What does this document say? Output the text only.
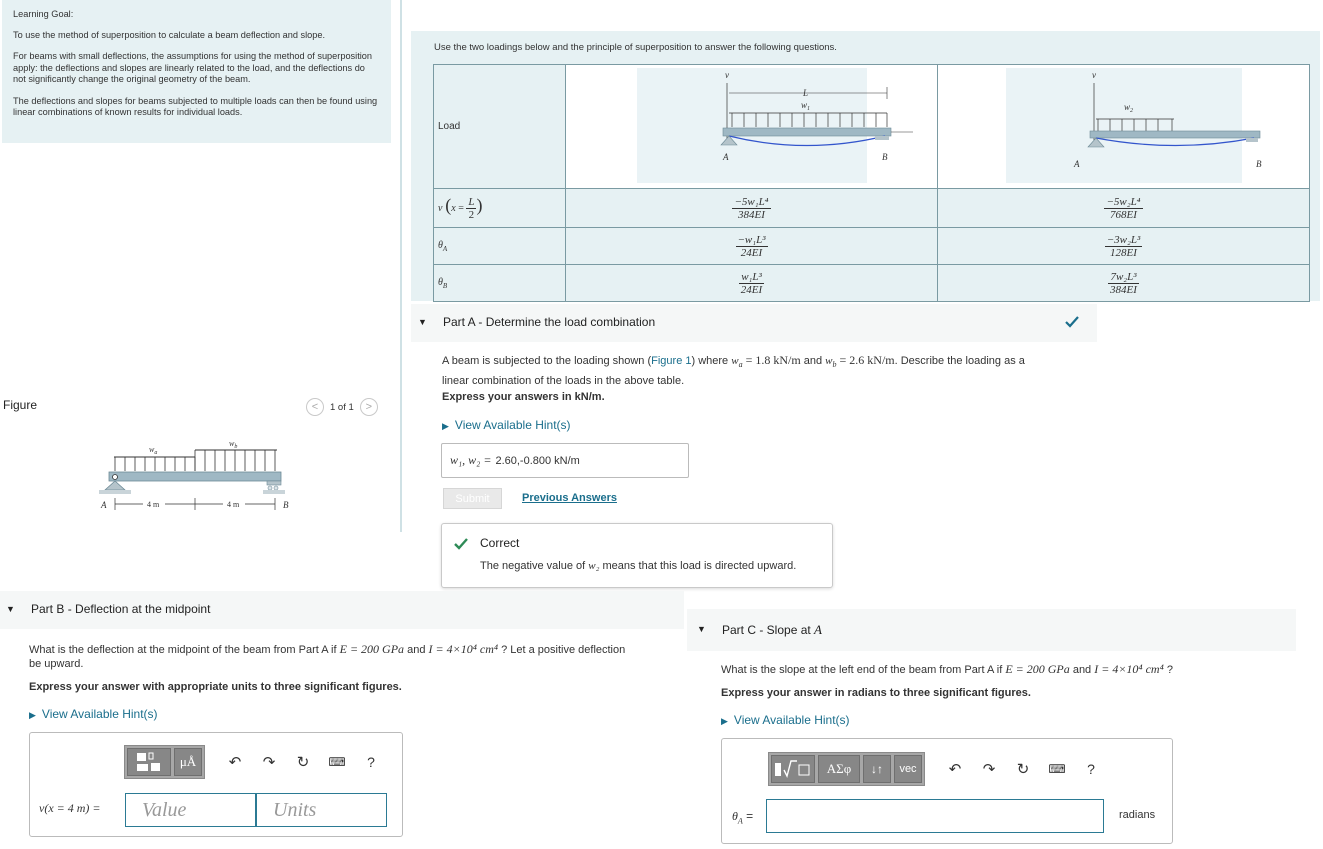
Learning Goal:

To use the method of superposition to calculate a beam deflection and slope.

For beams with small deflections, the assumptions for using the method of superposition apply: the deflections and slopes are linearly related to the load, and the deflections do not significantly change the original geometry of the beam.

The deflections and slopes for beams subjected to multiple loads can then be found using linear combinations of known results for individual loads.

Figure	<	1 of 1	>
$w_a$
$w_b$
A	B
4 m	4 m
Use the two loadings below and the principle of superposition to answer the following questions.
Load	v
L
$w_1$
A B	v
$w_2$
A B

v ($x = \frac{L}{2}$ )	$\frac{\text{−5w₁L⁴}}{384EI}$	$\frac{\text{−5w₂L⁴}}{768EI}$

$\theta_A$	$\frac{\text{−w₁L³}}{24EI}$	$\frac{\text{−3w₂L³}}{128EI}$

$\theta_B$	$\frac{\text{w₁L³}}{24EI}$	$\frac{\text{7w₂L³}}{384EI}$
▼ Part A - Determine the load combination
A beam is subjected to the loading shown (Figure 1) where $w_a = 1.8$ kN/m and $w_b = 2.6$ kN/m. Describe the loading as a
linear combination of the loads in the above table.
Express your answers in kN/m.
▶ View Available Hint(s)
w₁, w₂ = 2.60,-0.800 kN/m
Submit	Previous Answers
Correct
The negative value of w₂ means that this load is directed upward.
▼ Part B - Deflection at the midpoint
What is the deflection at the midpoint of the beam from Part A if E = 200 GPa and I = 4×10⁴ cm⁴ ? Let a positive deflection
be upward.
Express your answer with appropriate units to three significant figures.
▶ View Available Hint(s)
μÅ	↶	↷	↻	⌨	?
v(x = 4 m) =	Value	Units
▼ Part C - Slope at A
What is the slope at the left end of the beam from Part A if E = 200 GPa and I = 4×10⁴ cm⁴ ?
Express your answer in radians to three significant figures.
▶ View Available Hint(s)
ΑΣφ	↓↑	vec	↶	↷	↻	⌨	?
$\theta_A$ =	radians
